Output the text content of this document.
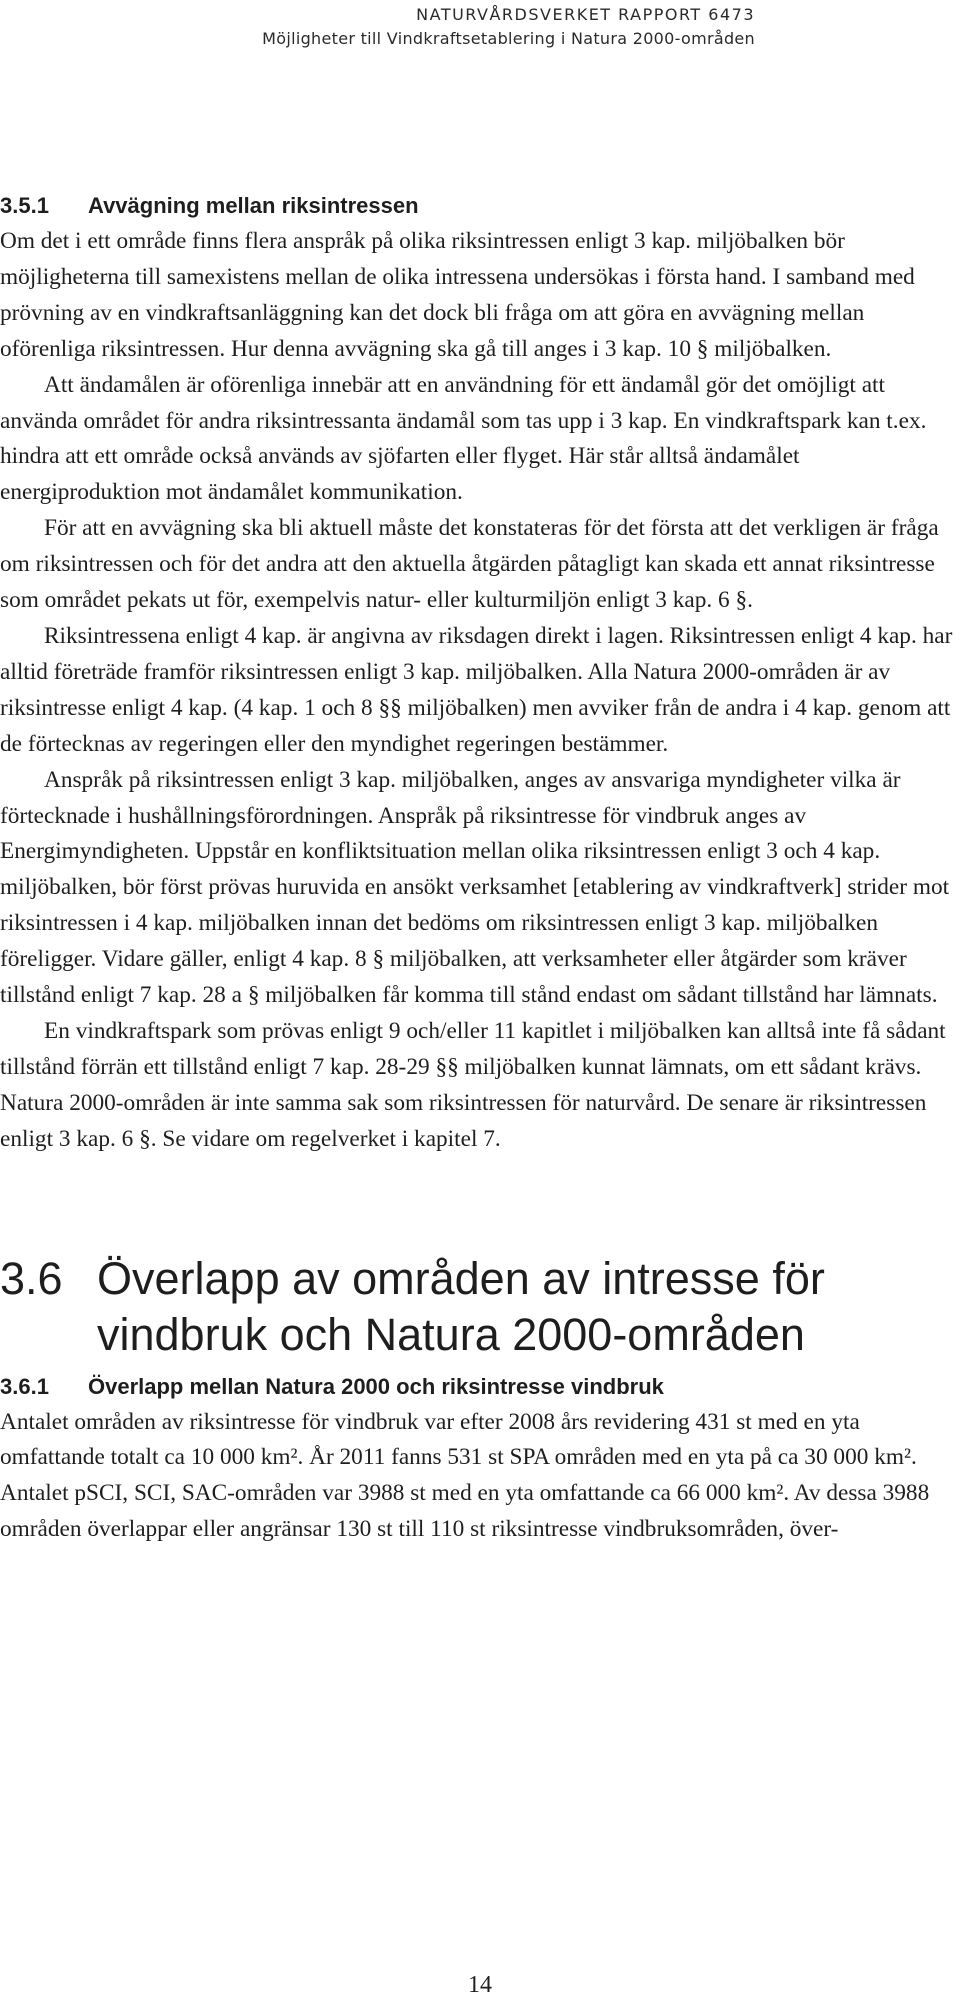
NATURVÅRDSVERKET RAPPORT 6473
Möjligheter till Vindkraftsetablering i Natura 2000-områden
3.5.1 Avvägning mellan riksintressen

Om det i ett område finns flera anspråk på olika riksintressen enligt 3 kap. miljöbalken bör möjligheterna till samexistens mellan de olika intressena undersökas i första hand. I samband med prövning av en vindkraftsanläggning kan det dock bli fråga om att göra en avvägning mellan oförenliga riksintressen. Hur denna avvägning ska gå till anges i 3 kap. 10 § miljöbalken.

Att ändamålen är oförenliga innebär att en användning för ett ändamål gör det omöjligt att använda området för andra riksintressanta ändamål som tas upp i 3 kap. En vindkraftspark kan t.ex. hindra att ett område också används av sjöfarten eller flyget. Här står alltså ändamålet energiproduktion mot ändamålet kommunikation.

För att en avvägning ska bli aktuell måste det konstateras för det första att det verkligen är fråga om riksintressen och för det andra att den aktuella åtgärden påtagligt kan skada ett annat riksintresse som området pekats ut för, exempelvis natur- eller kulturmiljön enligt 3 kap. 6 §.

Riksintressena enligt 4 kap. är angivna av riksdagen direkt i lagen. Riksintressen enligt 4 kap. har alltid företräde framför riksintressen enligt 3 kap. miljöbalken. Alla Natura 2000-områden är av riksintresse enligt 4 kap. (4 kap. 1 och 8 §§ miljöbalken) men avviker från de andra i 4 kap. genom att de förtecknas av regeringen eller den myndighet regeringen bestämmer.

Anspråk på riksintressen enligt 3 kap. miljöbalken, anges av ansvariga myndigheter vilka är förtecknade i hushållningsförordningen. Anspråk på riksintresse för vindbruk anges av Energimyndigheten. Uppstår en konfliktsituation mellan olika riksintressen enligt 3 och 4 kap. miljöbalken, bör först prövas huruvida en ansökt verksamhet [etablering av vindkraftverk] strider mot riksintressen i 4 kap. miljöbalken innan det bedöms om riksintressen enligt 3 kap. miljöbalken föreligger. Vidare gäller, enligt 4 kap. 8 § miljöbalken, att verksamheter eller åtgärder som kräver tillstånd enligt 7 kap. 28 a § miljöbalken får komma till stånd endast om sådant tillstånd har lämnats.

En vindkraftspark som prövas enligt 9 och/eller 11 kapitlet i miljöbalken kan alltså inte få sådant tillstånd förrän ett tillstånd enligt 7 kap. 28-29 §§ miljöbalken kunnat lämnats, om ett sådant krävs. Natura 2000-områden är inte samma sak som riksintressen för naturvård. De senare är riksintressen enligt 3 kap. 6 §. Se vidare om regelverket i kapitel 7.

3.6 Överlapp av områden av intresse för
vindbruk och Natura 2000-områden
3.6.1 Överlapp mellan Natura 2000 och riksintresse vindbruk

Antalet områden av riksintresse för vindbruk var efter 2008 års revidering 431 st med en yta omfattande totalt ca 10 000 km². År 2011 fanns 531 st SPA områden med en yta på ca 30 000 km². Antalet pSCI, SCI, SAC-områden var 3988 st med en yta omfattande ca 66 000 km². Av dessa 3988 områden överlappar eller angränsar 130 st till 110 st riksintresse vindbruksområden, över-

14
